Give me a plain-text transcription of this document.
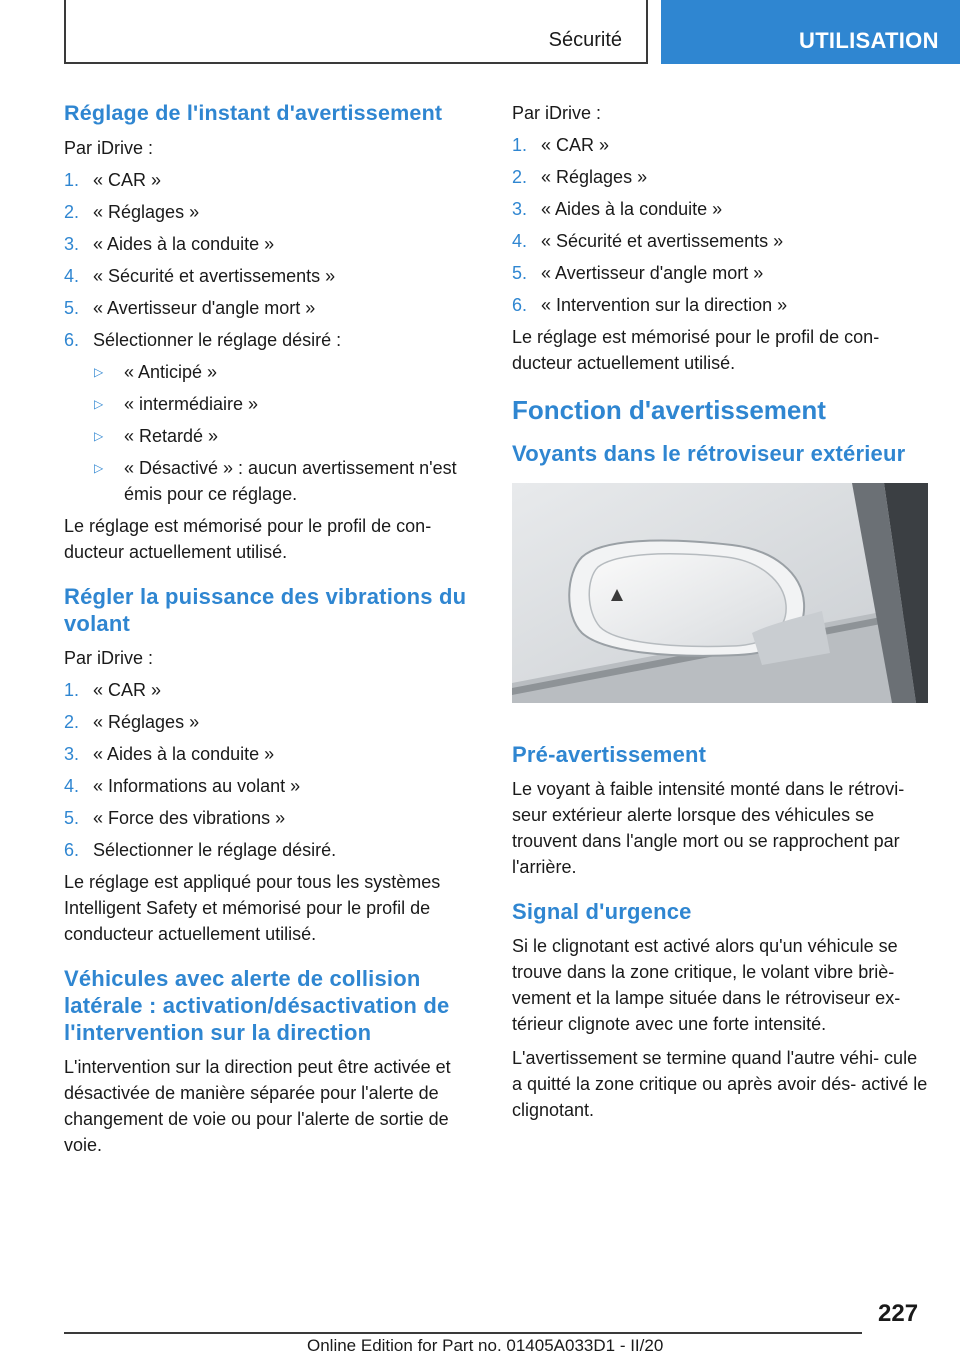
Sécurité	UTILISATION
Réglage de l'instant d'avertissement

Par iDrive :

1. « CAR »
2. « Réglages »
3. « Aides à la conduite »
4. « Sécurité et avertissements »
5. « Avertisseur d'angle mort »
6. Sélectionner le réglage désiré :
▷	« Anticipé »
▷	« intermédiaire »
▷	« Retardé »
▷	« Désactivé » : aucun avertissement n'est émis pour ce réglage.

Le réglage est mémorisé pour le profil de con‐ ducteur actuellement utilisé.

Régler la puissance des vibrations du volant

Par iDrive :

1. « CAR »
2. « Réglages »
3. « Aides à la conduite »
4. « Informations au volant »
5. « Force des vibrations »
6. Sélectionner le réglage désiré.

Le réglage est appliqué pour tous les systèmes Intelligent Safety et mémorisé pour le profil de conducteur actuellement utilisé.

Véhicules avec alerte de collision latérale : activation/désactivation de l'intervention sur la direction

L'intervention sur la direction peut être activée et désactivée de manière séparée pour l'alerte de changement de voie ou pour l'alerte de sortie de voie.

Par iDrive :

1. « CAR »
2. « Réglages »
3. « Aides à la conduite »
4. « Sécurité et avertissements »
5. « Avertisseur d'angle mort »
6. « Intervention sur la direction »

Le réglage est mémorisé pour le profil de con‐ ducteur actuellement utilisé.

Fonction d'avertissement
Voyants dans le rétroviseur extérieur
Pré-avertissement

Le voyant à faible intensité monté dans le rétrovi‐ seur extérieur alerte lorsque des véhicules se trouvent dans l'angle mort ou se rapprochent par l'arrière.

Signal d'urgence

Si le clignotant est activé alors qu'un véhicule se trouve dans la zone critique, le volant vibre briè‐ vement et la lampe située dans le rétroviseur ex‐ térieur clignote avec une forte intensité.

L'avertissement se termine quand l'autre véhi‐ cule a quitté la zone critique ou après avoir dés‐ activé le clignotant.

227
Online Edition for Part no. 01405A033D1 - II/20
